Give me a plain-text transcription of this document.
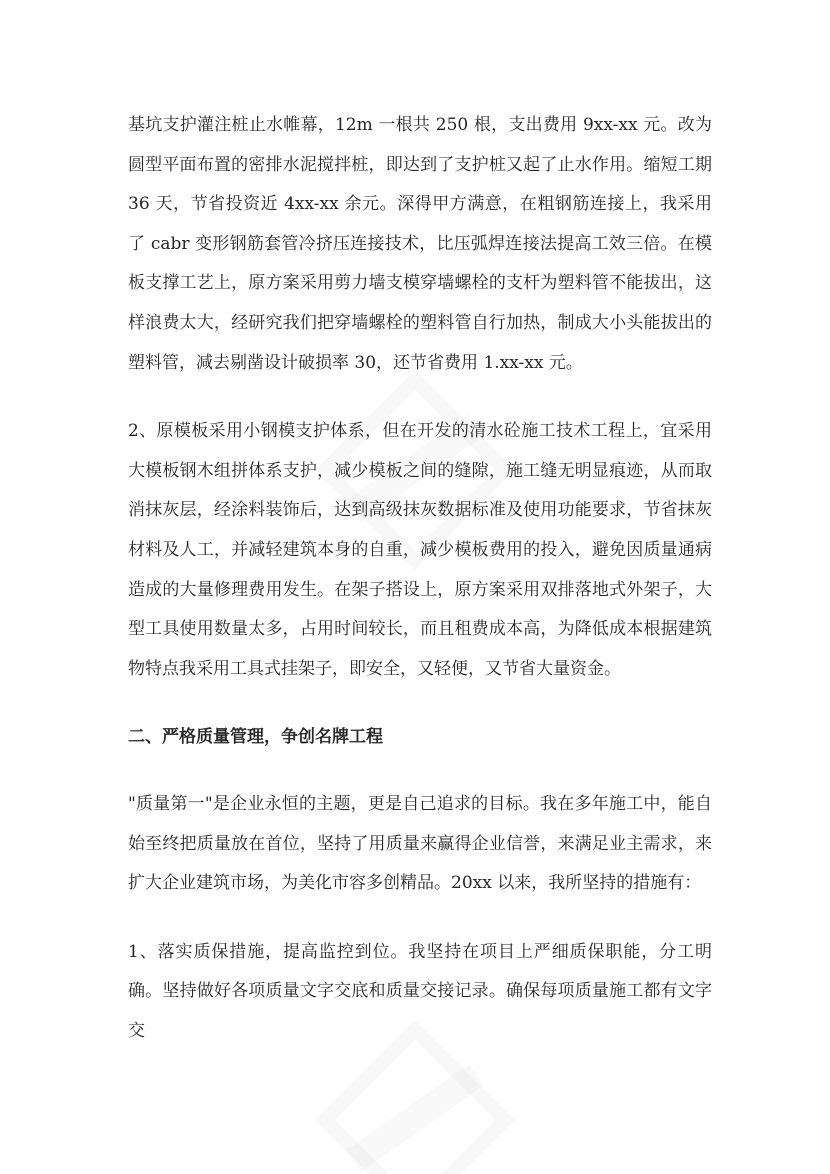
基坑支护灌注桩止水帷幕，12m 一根共 250 根，支出费用 9xx-xx 元。改为圆型平面布置的密排水泥搅拌桩，即达到了支护桩又起了止水作用。缩短工期 36 天，节省投资近 4xx-xx 余元。深得甲方满意，在粗钢筋连接上，我采用了 cabr 变形钢筋套管冷挤压连接技术，比压弧焊连接法提高工效三倍。在模板支撑工艺上，原方案采用剪力墙支模穿墙螺栓的支杆为塑料管不能拔出，这样浪费太大，经研究我们把穿墙螺栓的塑料管自行加热，制成大小头能拔出的塑料管，减去剔凿设计破损率 30，还节省费用 1.xx-xx 元。

2、原模板采用小钢模支护体系，但在开发的清水砼施工技术工程上，宜采用大模板钢木组拼体系支护，减少模板之间的缝隙，施工缝无明显痕迹，从而取消抹灰层，经涂料装饰后，达到高级抹灰数据标准及使用功能要求，节省抹灰材料及人工，并减轻建筑本身的自重，减少模板费用的投入，避免因质量通病造成的大量修理费用发生。在架子搭设上，原方案采用双排落地式外架子，大型工具使用数量太多，占用时间较长，而且租费成本高，为降低成本根据建筑物特点我采用工具式挂架子，即安全，又轻便，又节省大量资金。

二、严格质量管理，争创名牌工程

"质量第一"是企业永恒的主题，更是自己追求的目标。我在多年施工中，能自始至终把质量放在首位，坚持了用质量来赢得企业信誉，来满足业主需求，来扩大企业建筑市场，为美化市容多创精品。20xx 以来，我所坚持的措施有：

1、落实质保措施，提高监控到位。我坚持在项目上严细质保职能，分工明确。坚持做好各项质量文字交底和质量交接记录。确保每项质量施工都有文字交
